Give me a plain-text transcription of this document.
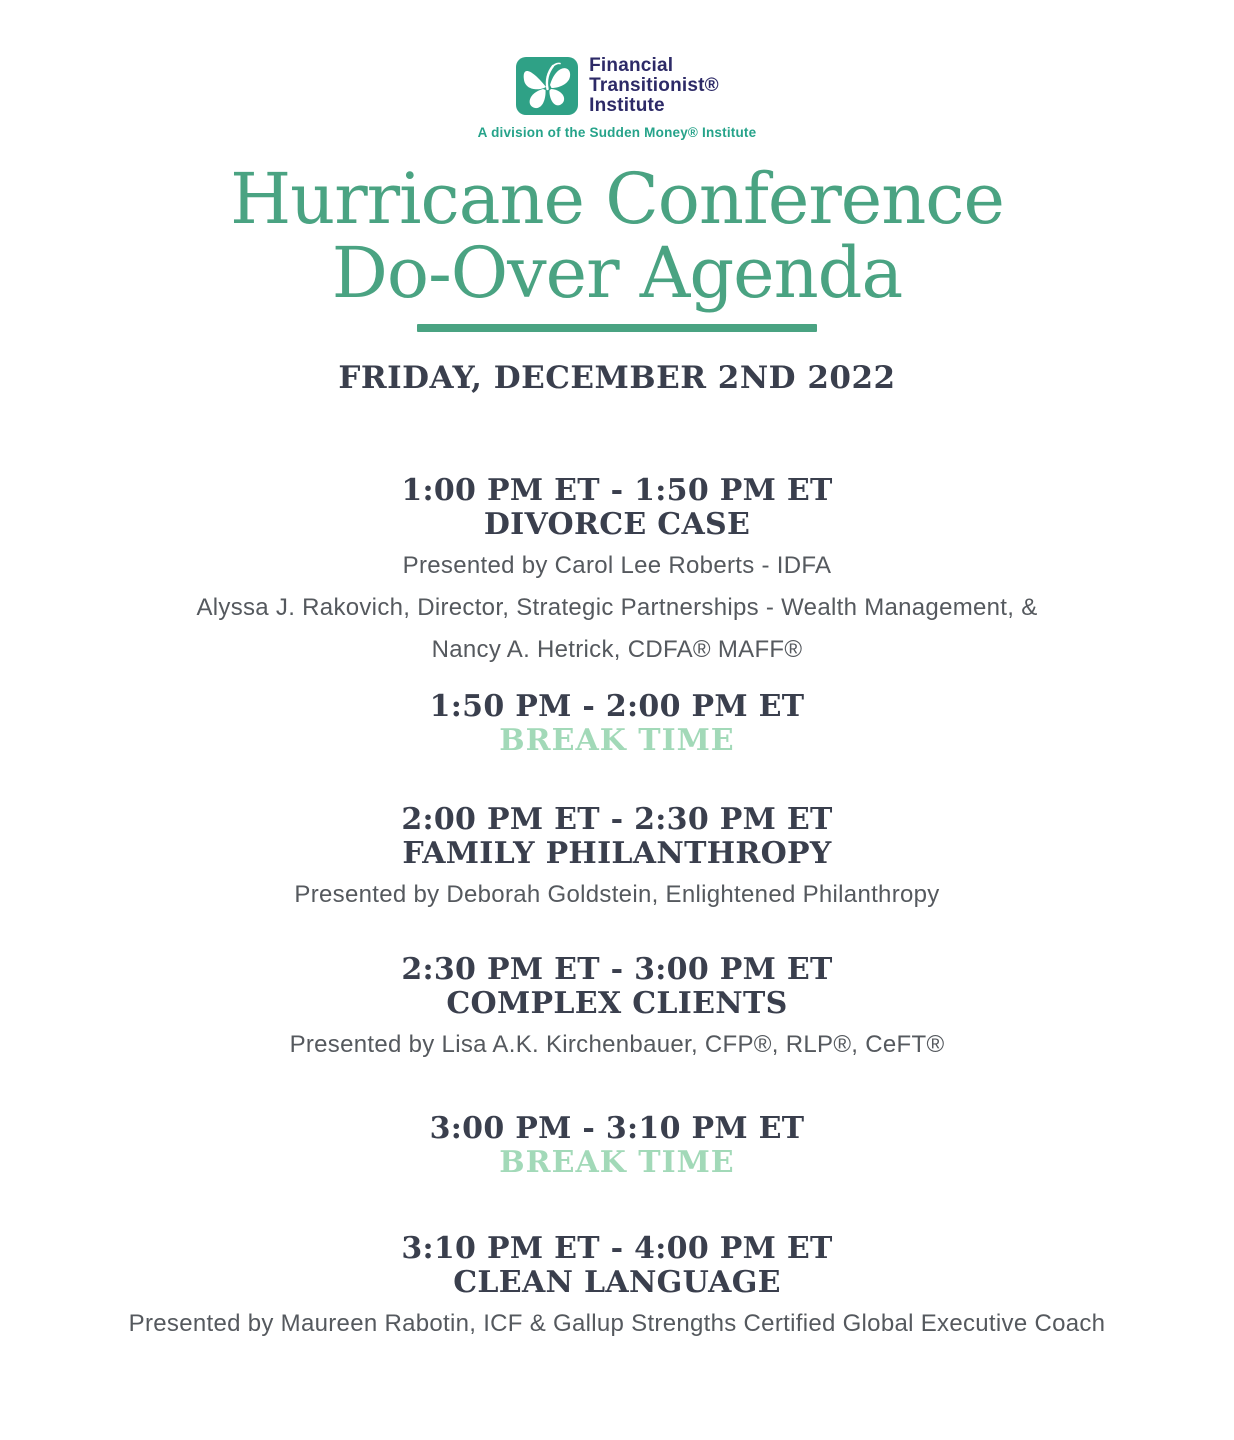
Financial
Transitionist®
Institute
A division of the Sudden Money® Institute
Hurricane Conference
Do-Over Agenda
FRIDAY, DECEMBER 2ND 2022
1:00 PM ET - 1:50 PM ET
DIVORCE CASE
Presented by Carol Lee Roberts - IDFA
Alyssa J. Rakovich, Director, Strategic Partnerships - Wealth Management, &
Nancy A. Hetrick, CDFA® MAFF®
1:50 PM - 2:00 PM ET
BREAK TIME
2:00 PM ET - 2:30 PM ET
FAMILY PHILANTHROPY
Presented by Deborah Goldstein, Enlightened Philanthropy
2:30 PM ET - 3:00 PM ET
COMPLEX CLIENTS
Presented by Lisa A.K. Kirchenbauer, CFP®, RLP®, CeFT®
3:00 PM - 3:10 PM ET
BREAK TIME
3:10 PM ET - 4:00 PM ET
CLEAN LANGUAGE
Presented by Maureen Rabotin, ICF & Gallup Strengths Certified Global Executive Coach
